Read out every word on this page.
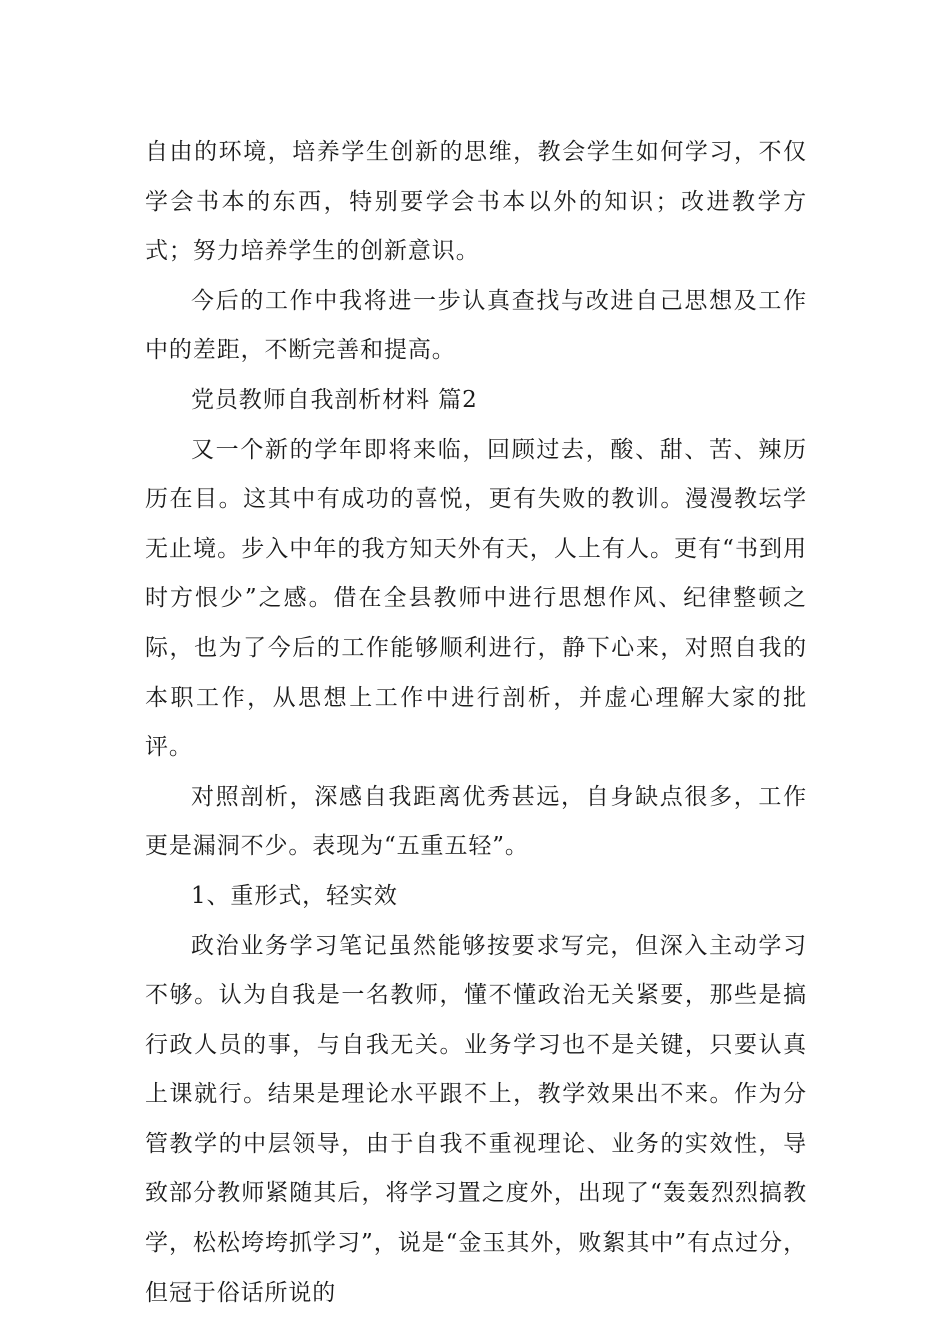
自由的环境，培养学生创新的思维，教会学生如何学习，不仅学会书本的东西，特别要学会书本以外的知识；改进教学方式；努力培养学生的创新意识。

今后的工作中我将进一步认真查找与改进自己思想及工作中的差距，不断完善和提高。

党员教师自我剖析材料 篇2

又一个新的学年即将来临，回顾过去，酸、甜、苦、辣历历在目。这其中有成功的喜悦，更有失败的教训。漫漫教坛学无止境。步入中年的我方知天外有天，人上有人。更有“书到用时方恨少”之感。借在全县教师中进行思想作风、纪律整顿之际，也为了今后的工作能够顺利进行，静下心来，对照自我的本职工作，从思想上工作中进行剖析，并虚心理解大家的批评。

对照剖析，深感自我距离优秀甚远，自身缺点很多，工作更是漏洞不少。表现为“五重五轻”。

1、重形式，轻实效

政治业务学习笔记虽然能够按要求写完，但深入主动学习不够。认为自我是一名教师，懂不懂政治无关紧要，那些是搞行政人员的事，与自我无关。业务学习也不是关键，只要认真上课就行。结果是理论水平跟不上，教学效果出不来。作为分管教学的中层领导，由于自我不重视理论、业务的实效性，导致部分教师紧随其后，将学习置之度外，出现了“轰轰烈烈搞教学，松松垮垮抓学习”，说是“金玉其外，败絮其中”有点过分，但冠于俗话所说的
